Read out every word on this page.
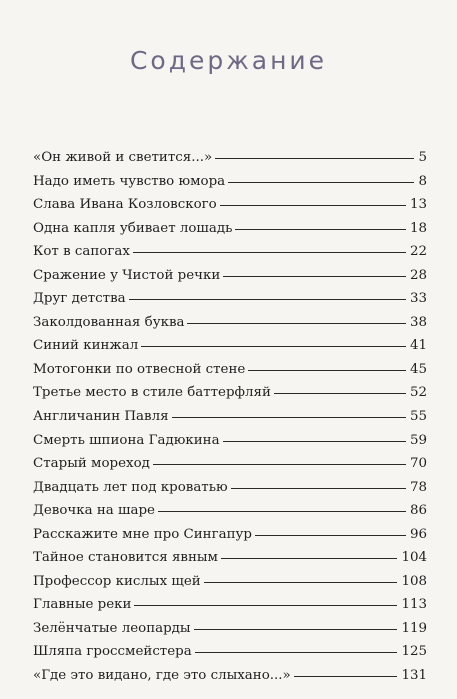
Содержание
«Он живой и светится...»	5
Надо иметь чувство юмора	8
Слава Ивана Козловского	13
Одна капля убивает лошадь	18
Кот в сапогах	22
Сражение у Чистой речки	28
Друг детства	33
Заколдованная буква	38
Синий кинжал	41
Мотогонки по отвесной стене	45
Третье место в стиле баттерфляй	52
Англичанин Павля	55
Смерть шпиона Гадюкина	59
Старый мореход	70
Двадцать лет под кроватью	78
Девочка на шаре	86
Расскажите мне про Сингапур	96
Тайное становится явным	104
Профессор кислых щей	108
Главные реки	113
Зелёнчатые леопарды	119
Шляпа гроссмейстера	125
«Где это видано, где это слыхано...»	131
